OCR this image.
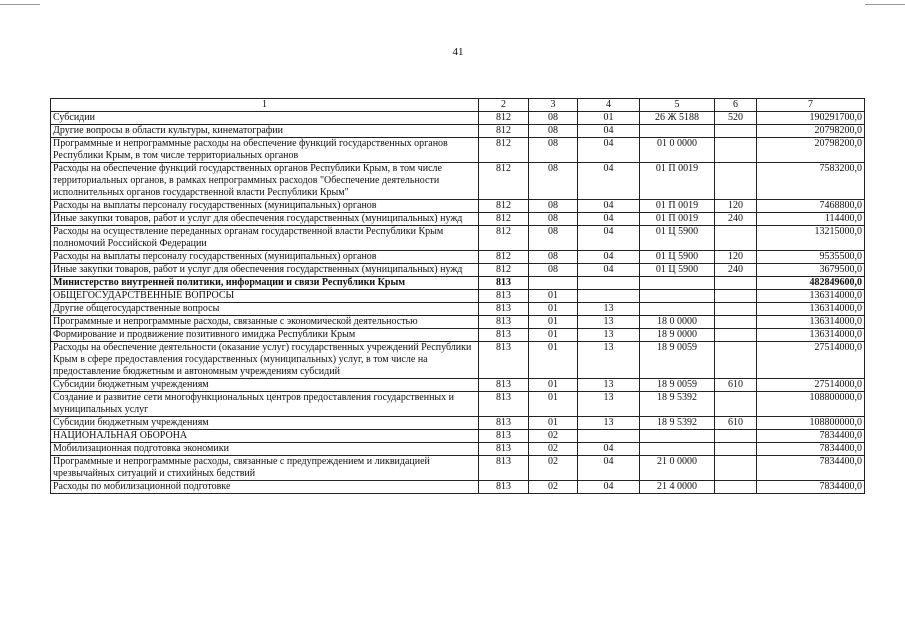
41
1	2	3	4	5	6	7
Субсидии	812	08	01	26 Ж 5188	520	190291700,0
Другие вопросы в области культуры, кинематографии	812	08	04			20798200,0
Программные и непрограммные расходы на обеспечение функций государственных органов Республики Крым, в том числе территориальных органов	812	08	04	01 0 0000		20798200,0
Расходы на обеспечение функций государственных органов Республики Крым, в том числе территориальных органов, в рамках непрограммных расходов "Обеспечение деятельности исполнительных органов государственной власти Республики Крым"	812	08	04	01 П 0019		7583200,0
Расходы на выплаты персоналу государственных (муниципальных) органов	812	08	04	01 П 0019	120	7468800,0
Иные закупки товаров, работ и услуг для обеспечения государственных (муниципальных) нужд	812	08	04	01 П 0019	240	114400,0
Расходы на осуществление переданных органам государственной власти Республики Крым полномочий Российской Федерации	812	08	04	01 Ц 5900		13215000,0
Расходы на выплаты персоналу государственных (муниципальных) органов	812	08	04	01 Ц 5900	120	9535500,0
Иные закупки товаров, работ и услуг для обеспечения государственных (муниципальных) нужд	812	08	04	01 Ц 5900	240	3679500,0
Министерство внутренней политики, информации и связи Республики Крым	813					482849600,0
ОБЩЕГОСУДАРСТВЕННЫЕ ВОПРОСЫ	813	01				136314000,0
Другие общегосударственные вопросы	813	01	13			136314000,0
Программные и непрограммные расходы, связанные с экономической деятельностью	813	01	13	18 0 0000		136314000,0
Формирование и продвижение позитивного имиджа Республики Крым	813	01	13	18 9 0000		136314000,0
Расходы на обеспечение деятельности (оказание услуг) государственных учреждений Республики Крым в сфере предоставления государственных (муниципальных) услуг, в том числе на предоставление бюджетным и автономным учреждениям субсидий	813	01	13	18 9 0059		27514000,0
Субсидии бюджетным учреждениям	813	01	13	18 9 0059	610	27514000,0
Создание и развитие сети многофункциональных центров предоставления государственных и муниципальных услуг	813	01	13	18 9 5392		108800000,0
Субсидии бюджетным учреждениям	813	01	13	18 9 5392	610	108800000,0
НАЦИОНАЛЬНАЯ ОБОРОНА	813	02				7834400,0
Мобилизационная подготовка экономики	813	02	04			7834400,0
Программные и непрограммные расходы, связанные с предупреждением и ликвидацией чрезвычайных ситуаций и стихийных бедствий	813	02	04	21 0 0000		7834400,0
Расходы по мобилизационной подготовке	813	02	04	21 4 0000		7834400,0
